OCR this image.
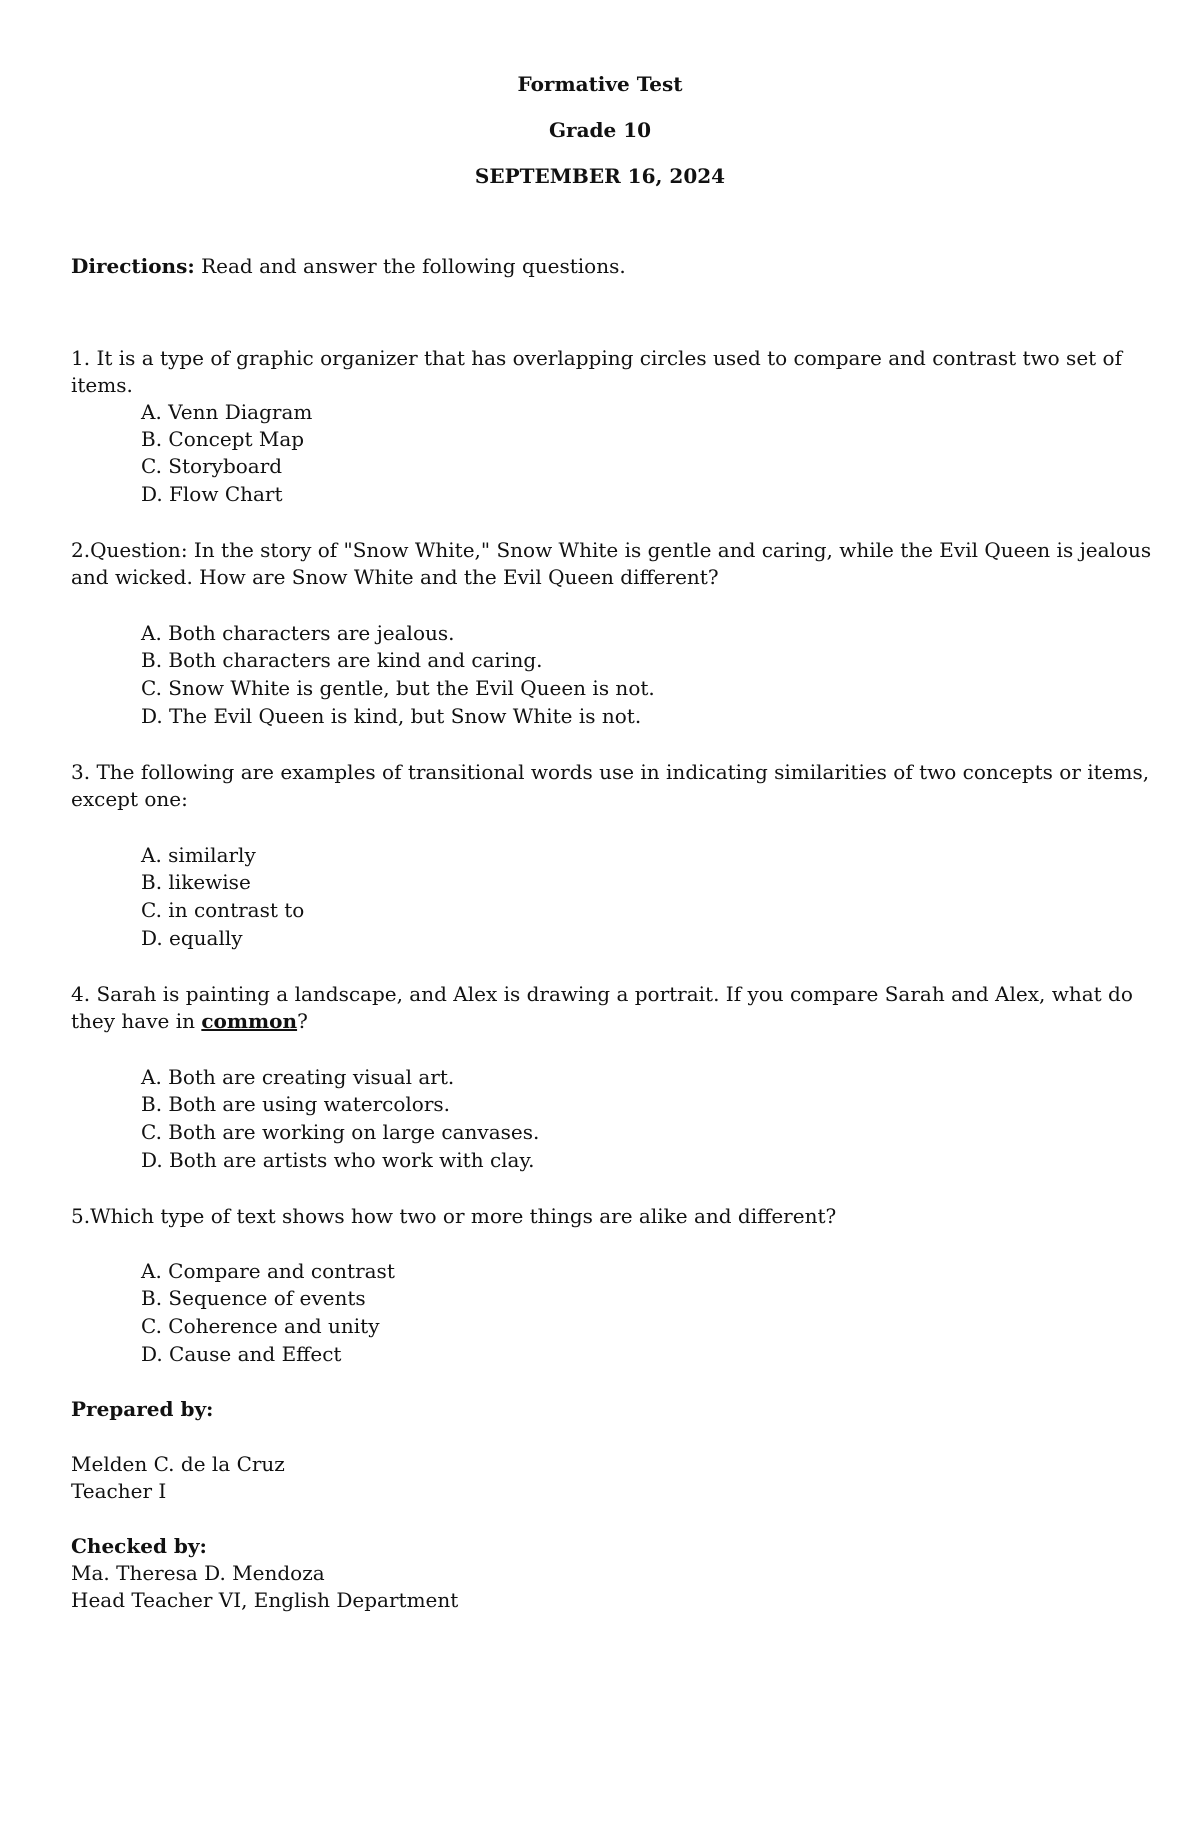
Formative Test
Grade 10
SEPTEMBER 16, 2024
Directions: Read and answer the following questions.
1. It is a type of graphic organizer that has overlapping circles used to compare and contrast two set of
items.
A. Venn Diagram
B. Concept Map
C. Storyboard
D. Flow Chart
2.Question: In the story of "Snow White," Snow White is gentle and caring, while the Evil Queen is jealous
and wicked. How are Snow White and the Evil Queen different?
A. Both characters are jealous.
B. Both characters are kind and caring.
C. Snow White is gentle, but the Evil Queen is not.
D. The Evil Queen is kind, but Snow White is not.
3. The following are examples of transitional words use in indicating similarities of two concepts or items,
except one:
A. similarly
B. likewise
C. in contrast to
D. equally
4. Sarah is painting a landscape, and Alex is drawing a portrait. If you compare Sarah and Alex, what do
they have in common?
A. Both are creating visual art.
B. Both are using watercolors.
C. Both are working on large canvases.
D. Both are artists who work with clay.
5.Which type of text shows how two or more things are alike and different?
A. Compare and contrast
B. Sequence of events
C. Coherence and unity
D. Cause and Effect
Prepared by:
Melden C. de la Cruz
Teacher I
Checked by:
Ma. Theresa D. Mendoza
Head Teacher VI, English Department
